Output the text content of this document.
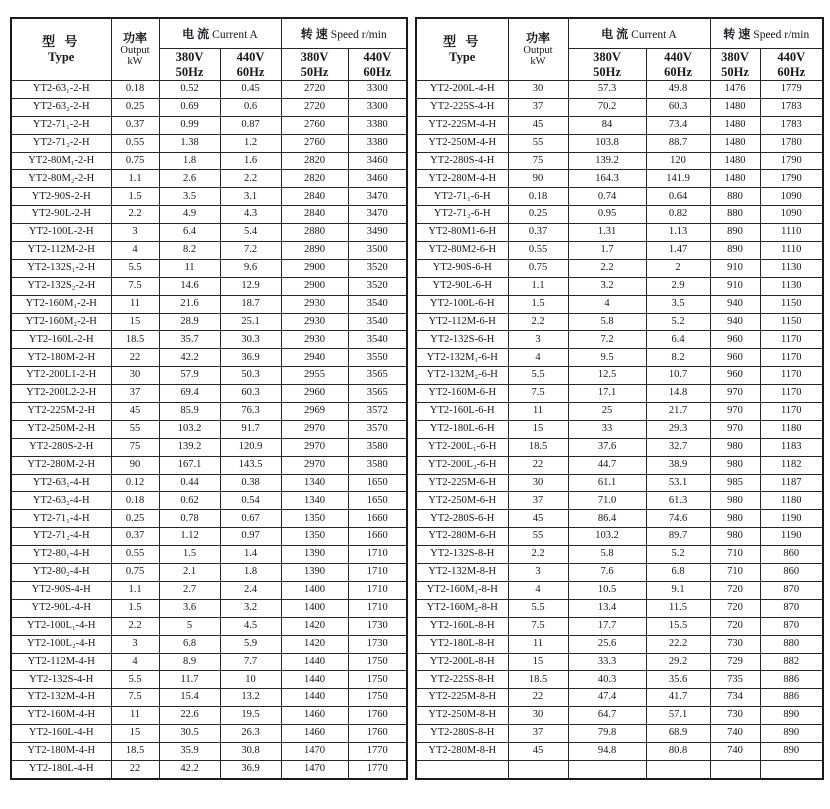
型 号
Type

功率
Output
kW
	电 流 Current A	转 速 Speed r/min

380V
50Hz

440V
60Hz

380V
50Hz

440V
60Hz

YT2-63₁-2-H	0.18	0.52	0.45	2720	3300
YT2-63₂-2-H	0.25	0.69	0.6	2720	3300
YT2-71₁-2-H	0.37	0.99	0.87	2760	3380
YT2-71₂-2-H	0.55	1.38	1.2	2760	3380
YT2-80M₁-2-H	0.75	1.8	1.6	2820	3460
YT2-80M₂-2-H	1.1	2.6	2.2	2820	3460
YT2-90S-2-H	1.5	3.5	3.1	2840	3470
YT2-90L-2-H	2.2	4.9	4.3	2840	3470
YT2-100L-2-H	3	6.4	5.4	2880	3490
YT2-112M-2-H	4	8.2	7.2	2890	3500
YT2-132S₁-2-H	5.5	11	9.6	2900	3520
YT2-132S₂-2-H	7.5	14.6	12.9	2900	3520
YT2-160M₁-2-H	11	21.6	18.7	2930	3540
YT2-160M₂-2-H	15	28.9	25.1	2930	3540
YT2-160L-2-H	18.5	35.7	30.3	2930	3540
YT2-180M-2-H	22	42.2	36.9	2940	3550
YT2-200L1-2-H	30	57.9	50.3	2955	3565
YT2-200L2-2-H	37	69.4	60.3	2960	3565
YT2-225M-2-H	45	85.9	76.3	2969	3572
YT2-250M-2-H	55	103.2	91.7	2970	3570
YT2-280S-2-H	75	139.2	120.9	2970	3580
YT2-280M-2-H	90	167.1	143.5	2970	3580
YT2-63₁-4-H	0.12	0.44	0.38	1340	1650
YT2-63₂-4-H	0.18	0.62	0.54	1340	1650
YT2-71₁-4-H	0.25	0.78	0.67	1350	1660
YT2-71₂-4-H	0.37	1.12	0.97	1350	1660
YT2-80₁-4-H	0.55	1.5	1.4	1390	1710
YT2-80₂-4-H	0.75	2.1	1.8	1390	1710
YT2-90S-4-H	1.1	2.7	2.4	1400	1710
YT2-90L-4-H	1.5	3.6	3.2	1400	1710
YT2-100L₁-4-H	2.2	5	4.5	1420	1730
YT2-100L₂-4-H	3	6.8	5.9	1420	1730
YT2-112M-4-H	4	8.9	7.7	1440	1750
YT2-132S-4-H	5.5	11.7	10	1440	1750
YT2-132M-4-H	7.5	15.4	13.2	1440	1750
YT2-160M-4-H	11	22.6	19.5	1460	1760
YT2-160L-4-H	15	30.5	26.3	1460	1760
YT2-180M-4-H	18.5	35.9	30.8	1470	1770
YT2-180L-4-H	22	42.2	36.9	1470	1770
型 号
Type

功率
Output
kW
	电 流 Current A	转 速 Speed r/min

380V
50Hz

440V
60Hz

380V
50Hz

440V
60Hz

YT2-200L-4-H	30	57.3	49.8	1476	1779
YT2-225S-4-H	37	70.2	60.3	1480	1783
YT2-225M-4-H	45	84	73.4	1480	1783
YT2-250M-4-H	55	103.8	88.7	1480	1780
YT2-280S-4-H	75	139.2	120	1480	1790
YT2-280M-4-H	90	164.3	141.9	1480	1790
YT2-71₁-6-H	0.18	0.74	0.64	880	1090
YT2-71₂-6-H	0.25	0.95	0.82	880	1090
YT2-80M1-6-H	0.37	1.31	1.13	890	1110
YT2-80M2-6-H	0.55	1.7	1.47	890	1110
YT2-90S-6-H	0.75	2.2	2	910	1130
YT2-90L-6-H	1.1	3.2	2.9	910	1130
YT2-100L-6-H	1.5	4	3.5	940	1150
YT2-112M-6-H	2.2	5.8	5.2	940	1150
YT2-132S-6-H	3	7.2	6.4	960	1170
YT2-132M₁-6-H	4	9.5	8.2	960	1170
YT2-132M₂-6-H	5.5	12.5	10.7	960	1170
YT2-160M-6-H	7.5	17.1	14.8	970	1170
YT2-160L-6-H	11	25	21.7	970	1170
YT2-180L-6-H	15	33	29.3	970	1180
YT2-200L₁-6-H	18.5	37.6	32.7	980	1183
YT2-200L₂-6-H	22	44.7	38.9	980	1182
YT2-225M-6-H	30	61.1	53.1	985	1187
YT2-250M-6-H	37	71.0	61.3	980	1180
YT2-280S-6-H	45	86.4	74.6	980	1190
YT2-280M-6-H	55	103.2	89.7	980	1190
YT2-132S-8-H	2.2	5.8	5.2	710	860
YT2-132M-8-H	3	7.6	6.8	710	860
YT2-160M₁-8-H	4	10.5	9.1	720	870
YT2-160M₂-8-H	5.5	13.4	11.5	720	870
YT2-160L-8-H	7.5	17.7	15.5	720	870
YT2-180L-8-H	11	25.6	22.2	730	880
YT2-200L-8-H	15	33.3	29.2	729	882
YT2-225S-8-H	18.5	40.3	35.6	735	886
YT2-225M-8-H	22	47.4	41.7	734	886
YT2-250M-8-H	30	64.7	57.1	730	890
YT2-280S-8-H	37	79.8	68.9	740	890
YT2-280M-8-H	45	94.8	80.8	740	890
